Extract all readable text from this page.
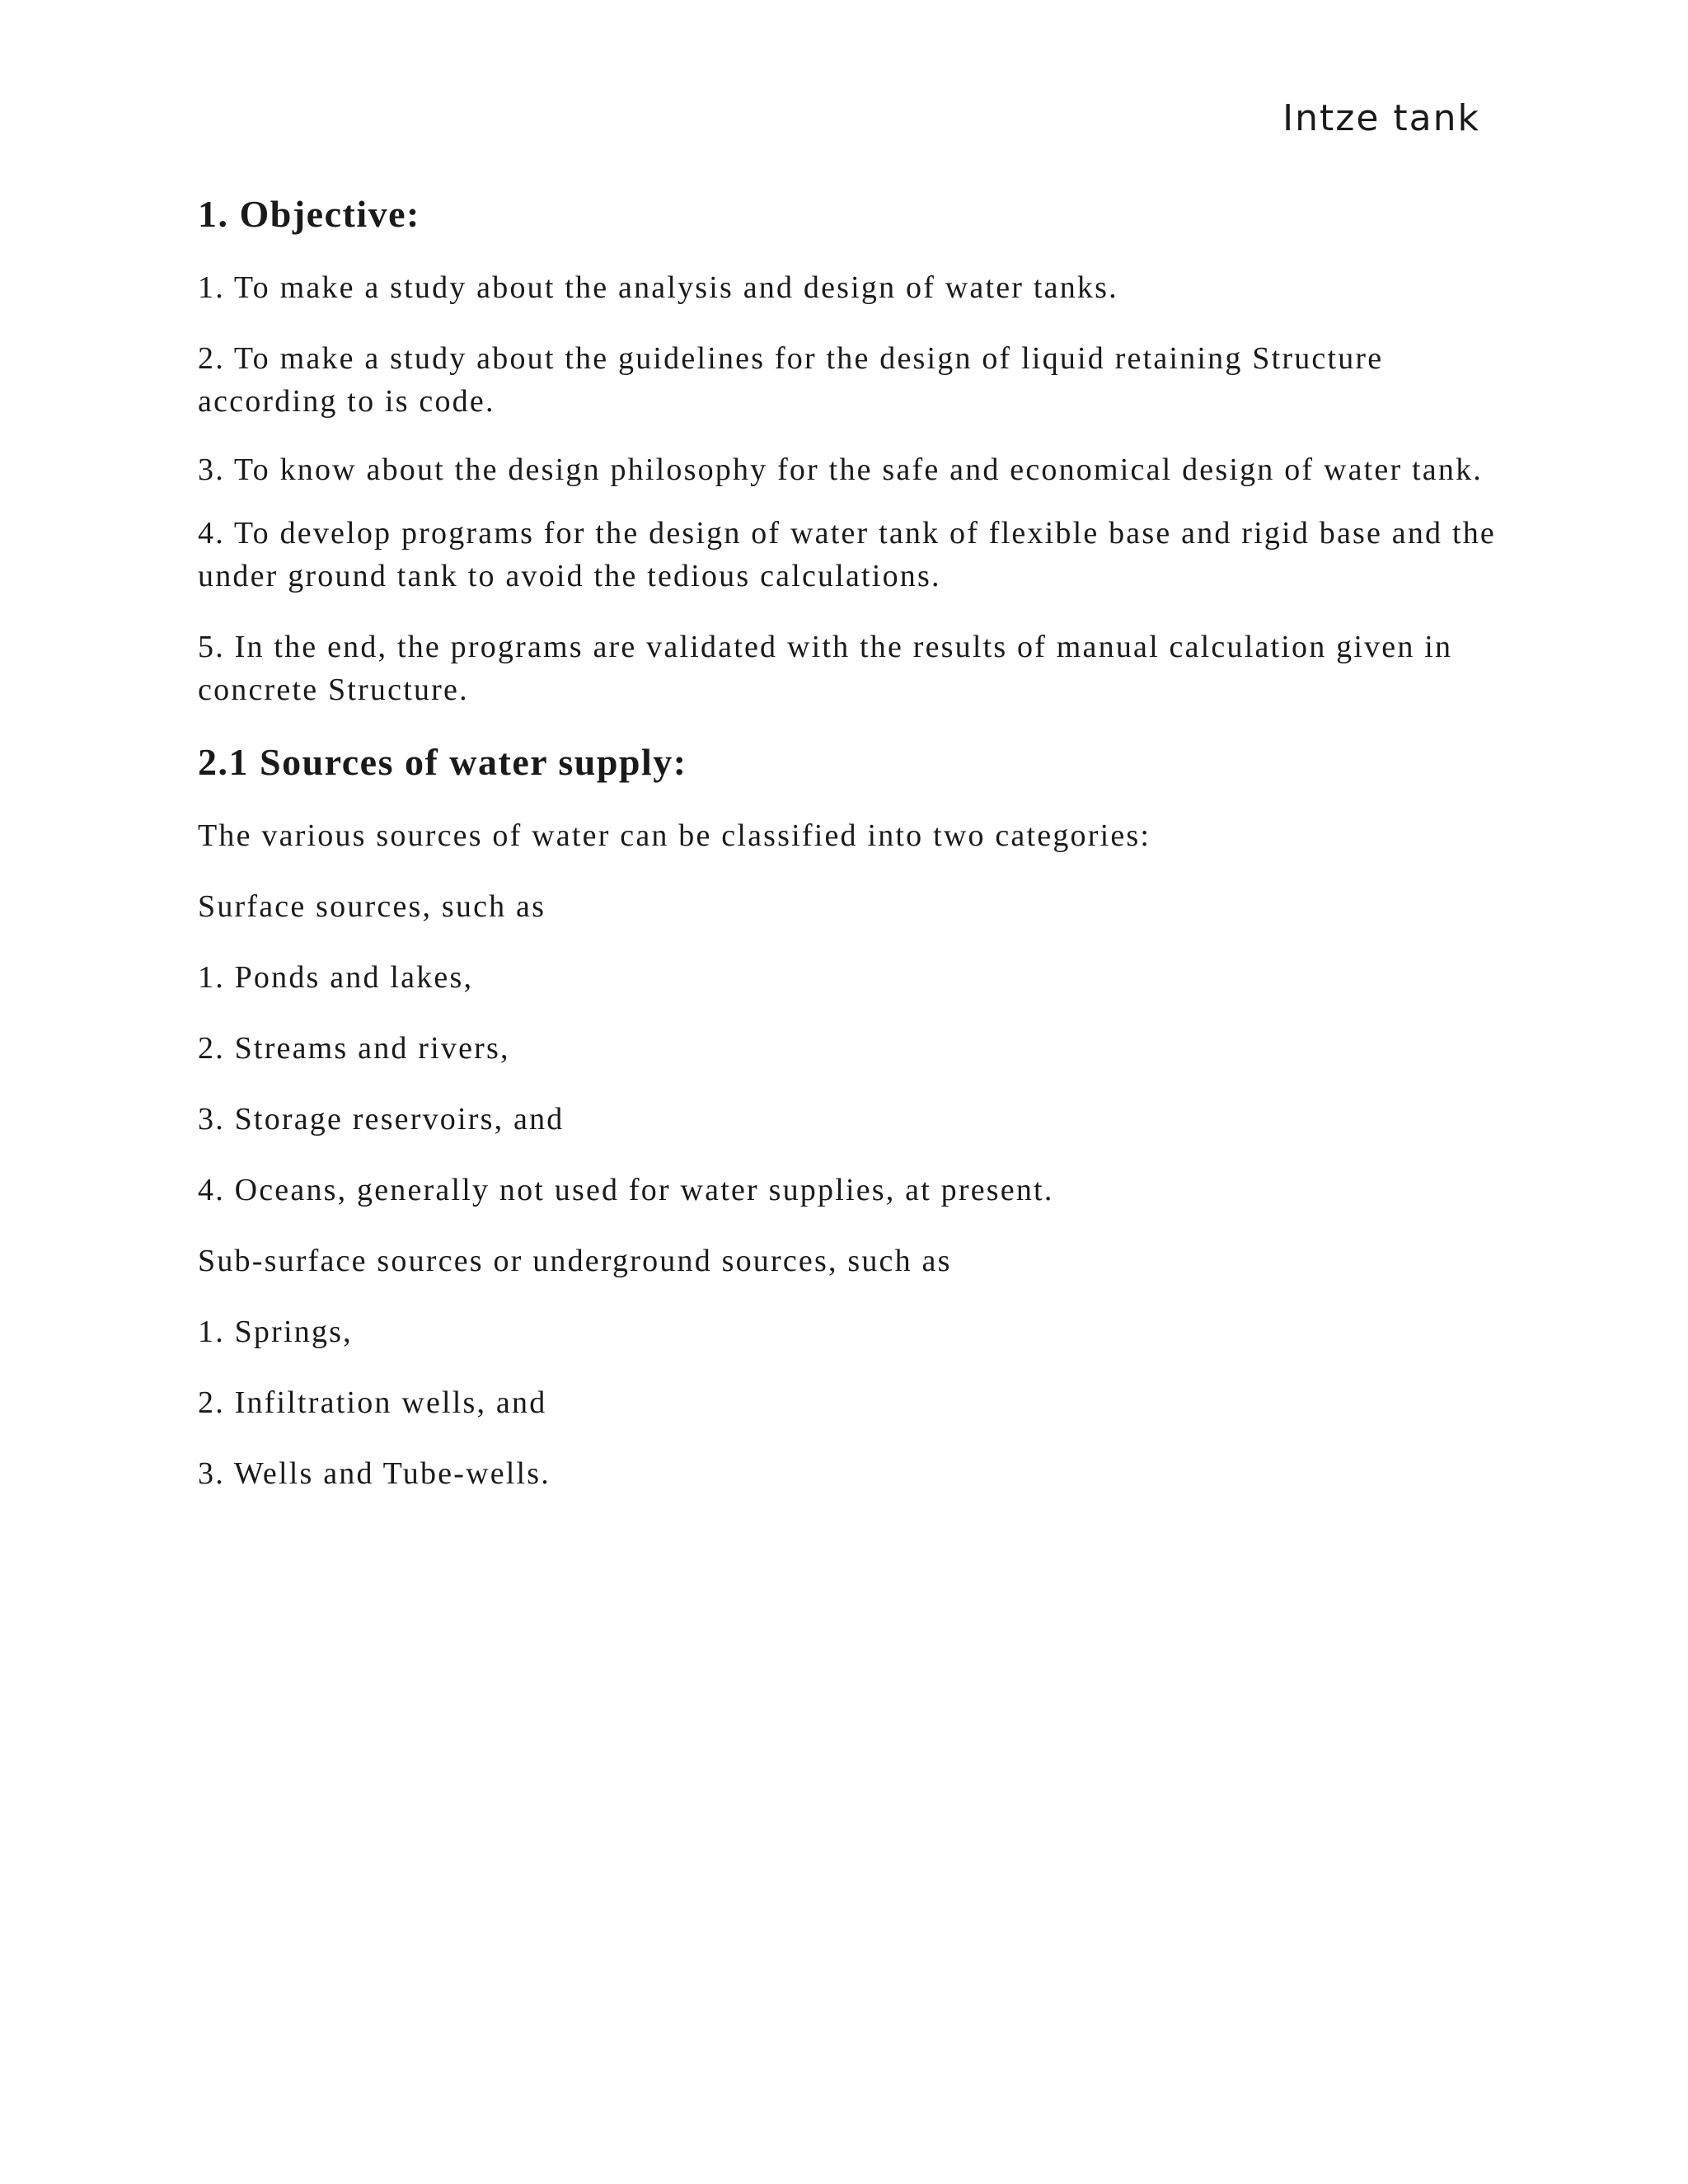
Intze tank
1. Objective:

1. To make a study about the analysis and design of water tanks.

2. To make a study about the guidelines for the design of liquid retaining Structure according to is code.

3. To know about the design philosophy for the safe and economical design of water tank.

4. To develop programs for the design of water tank of flexible base and rigid base and the under ground tank to avoid the tedious calculations.

5. In the end, the programs are validated with the results of manual calculation given in concrete Structure.

2.1 Sources of water supply:

The various sources of water can be classified into two categories:

Surface sources, such as

1. Ponds and lakes,

2. Streams and rivers,

3. Storage reservoirs, and

4. Oceans, generally not used for water supplies, at present.

Sub-surface sources or underground sources, such as

1. Springs,

2. Infiltration wells, and

3. Wells and Tube-wells.
